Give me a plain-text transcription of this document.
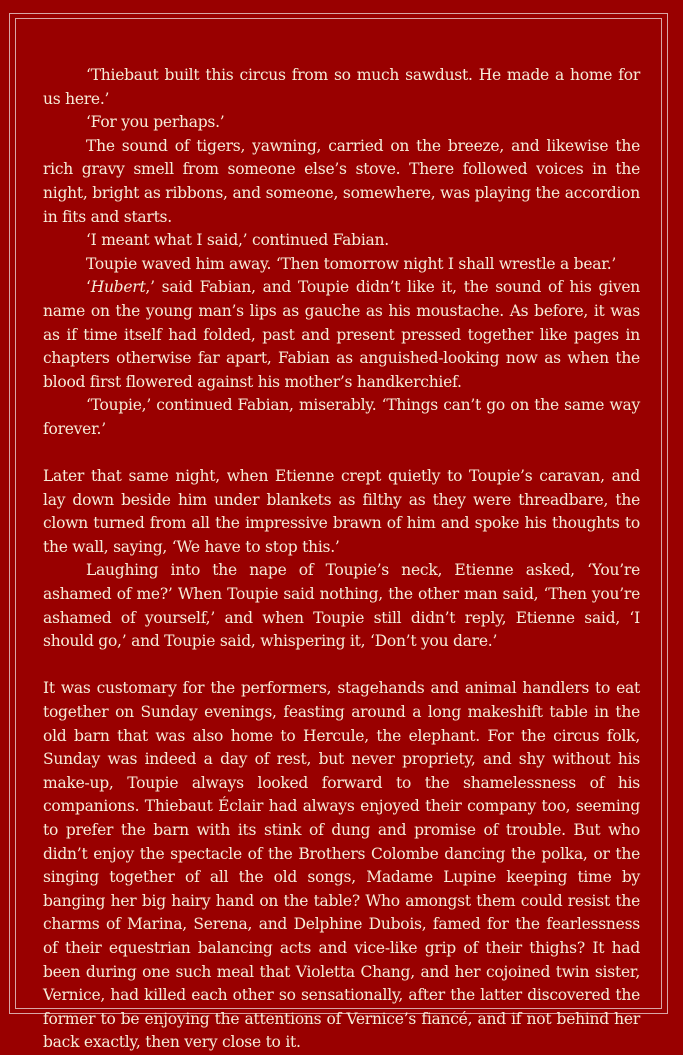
‘Thiebaut built this circus from so much sawdust. He made a home for us here.’

‘For you perhaps.’

The sound of tigers, yawning, carried on the breeze, and likewise the rich gravy smell from someone else’s stove. There followed voices in the night, bright as ribbons, and someone, somewhere, was playing the accordion in fits and starts.

‘I meant what I said,’ continued Fabian.

Toupie waved him away. ‘Then tomorrow night I shall wrestle a bear.’

‘Hubert,’ said Fabian, and Toupie didn’t like it, the sound of his given name on the young man’s lips as gauche as his moustache. As before, it was as if time itself had folded, past and present pressed together like pages in chapters otherwise far apart, Fabian as anguished-looking now as when the blood first flowered against his mother’s handkerchief.

‘Toupie,’ continued Fabian, miserably. ‘Things can’t go on the same way forever.’

Later that same night, when Etienne crept quietly to Toupie’s caravan, and lay down beside him under blankets as filthy as they were threadbare, the clown turned from all the impressive brawn of him and spoke his thoughts to the wall, saying, ‘We have to stop this.’

Laughing into the nape of Toupie’s neck, Etienne asked, ‘You’re ashamed of me?’ When Toupie said nothing, the other man said, ‘Then you’re ashamed of yourself,’ and when Toupie still didn’t reply, Etienne said, ‘I should go,’ and Toupie said, whispering it, ‘Don’t you dare.’

It was customary for the performers, stagehands and animal handlers to eat together on Sunday evenings, feasting around a long makeshift table in the old barn that was also home to Hercule, the elephant. For the circus folk, Sunday was indeed a day of rest, but never propriety, and shy without his make-up, Toupie always looked forward to the shamelessness of his companions. Thiebaut Éclair had always enjoyed their company too, seeming to prefer the barn with its stink of dung and promise of trouble. But who didn’t enjoy the spectacle of the Brothers Colombe dancing the polka, or the singing together of all the old songs, Madame Lupine keeping time by banging her big hairy hand on the table? Who amongst them could resist the charms of Marina, Serena, and Delphine Dubois, famed for the fearlessness of their equestrian balancing acts and vice-like grip of their thighs? It had been during one such meal that Violetta Chang, and her cojoined twin sister, Vernice, had killed each other so sensationally, after the latter discovered the former to be enjoying the attentions of Vernice’s fiancé, and if not behind her back exactly, then very close to it.
